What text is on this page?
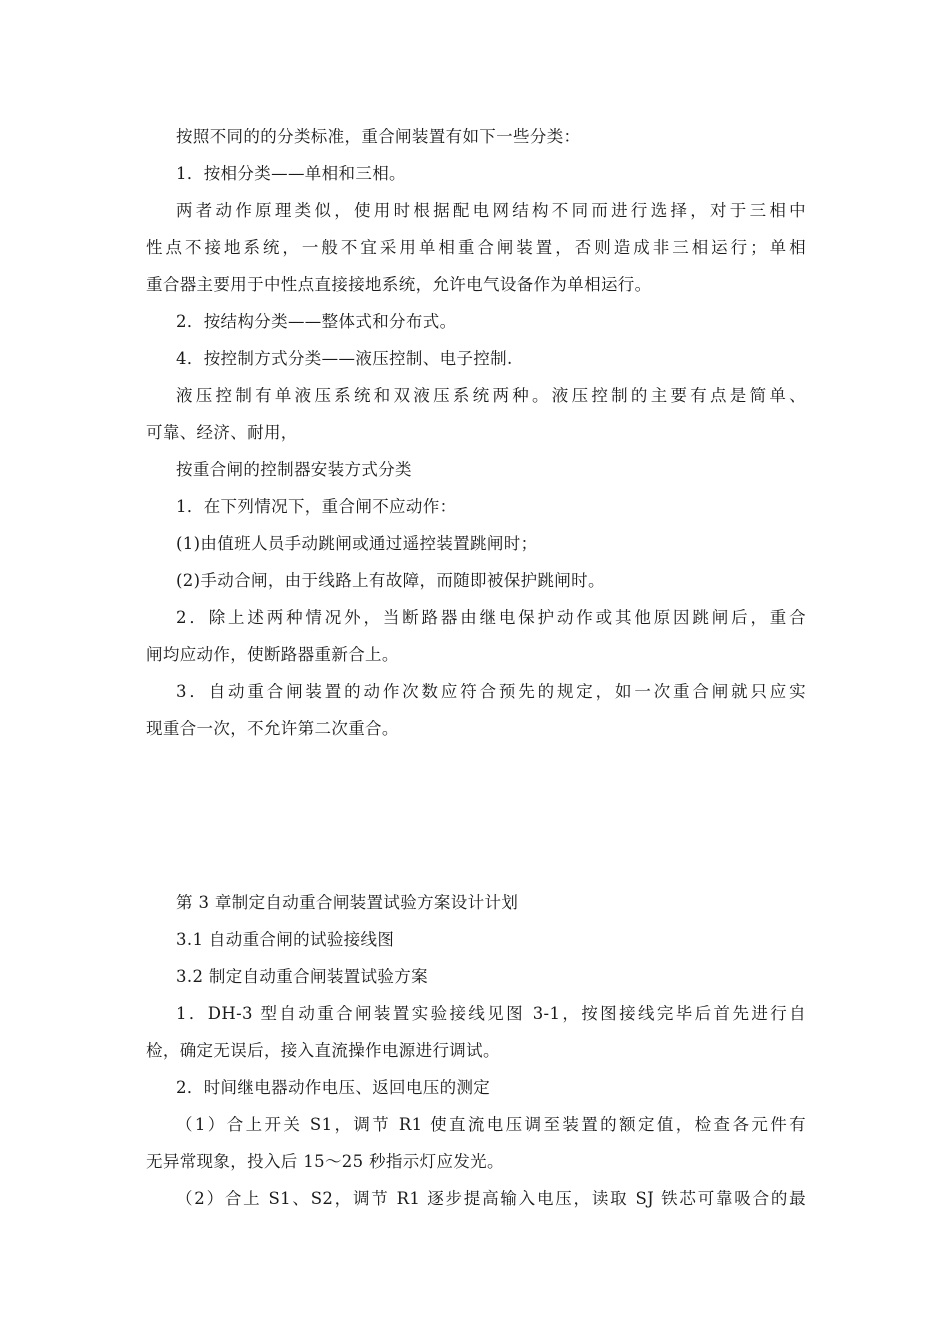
按照不同的的分类标准，重合闸装置有如下一些分类：
1．按相分类——单相和三相。
两者动作原理类似，使用时根据配电网结构不同而进行选择，对于三相中
性点不接地系统，一般不宜采用单相重合闸装置，否则造成非三相运行；单相
重合器主要用于中性点直接接地系统，允许电气设备作为单相运行。
2．按结构分类——整体式和分布式。
4．按控制方式分类——液压控制、电子控制.
液压控制有单液压系统和双液压系统两种。液压控制的主要有点是简单、
可靠、经济、耐用，
按重合闸的控制器安装方式分类
1．在下列情况下，重合闸不应动作：
(1)由值班人员手动跳闸或通过遥控装置跳闸时；
(2)手动合闸，由于线路上有故障，而随即被保护跳闸时。
2．除上述两种情况外，当断路器由继电保护动作或其他原因跳闸后，重合
闸均应动作，使断路器重新合上。
3．自动重合闸装置的动作次数应符合预先的规定，如一次重合闸就只应实
现重合一次，不允许第二次重合。
第 3 章制定自动重合闸装置试验方案设计计划
3.1 自动重合闸的试验接线图
3.2 制定自动重合闸装置试验方案
1．DH-3 型自动重合闸装置实验接线见图 3-1，按图接线完毕后首先进行自
检，确定无误后，接入直流操作电源进行调试。
2．时间继电器动作电压、返回电压的测定
（1）合上开关 S1，调节 R1 使直流电压调至装置的额定值，检查各元件有
无异常现象，投入后 15～25 秒指示灯应发光。
（2）合上 S1、S2，调节 R1 逐步提高输入电压，读取 SJ 铁芯可靠吸合的最
